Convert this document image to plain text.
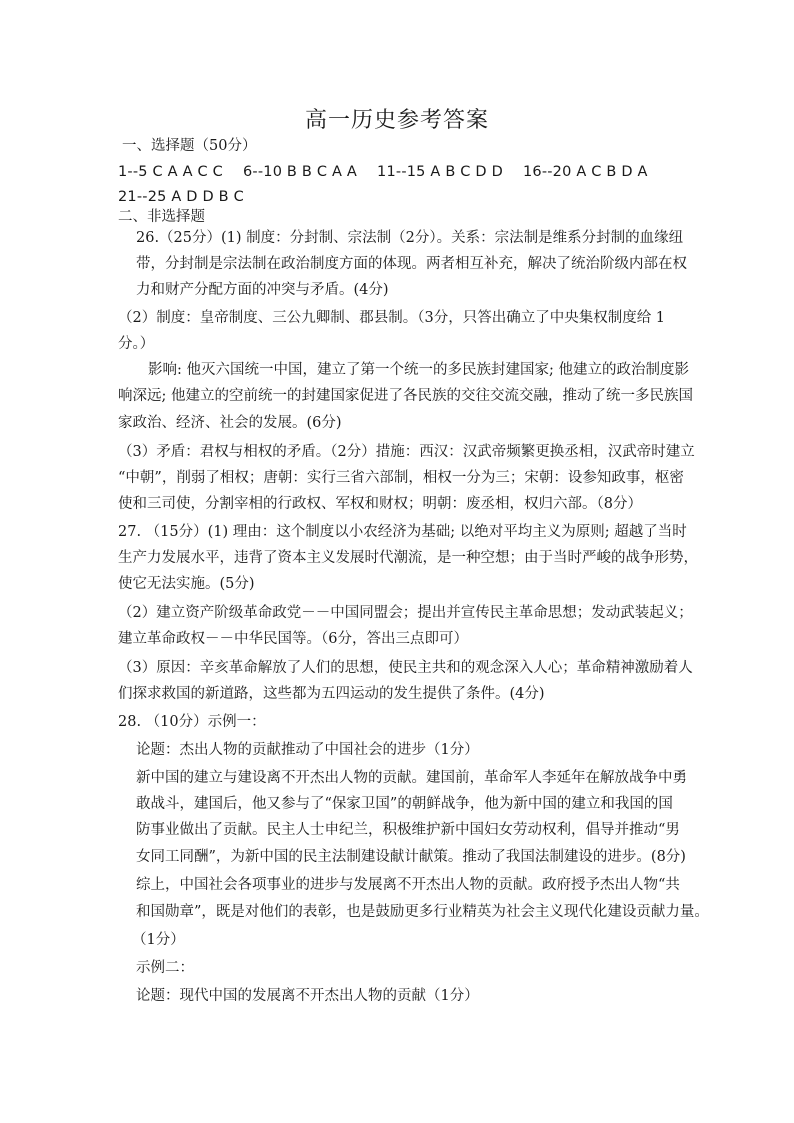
高一历史参考答案
一、选择题（50分）
1--5 C A A C C 6--10 B B C A A 11--15 A B C D D 16--20 A C B D A
21--25 A D D B C
二、非选择题
26.（25分）(1) 制度：分封制、宗法制（2分）。关系：宗法制是维系分封制的血缘纽
带，分封制是宗法制在政治制度方面的体现。两者相互补充，解决了统治阶级内部在权
力和财产分配方面的冲突与矛盾。(4分)
（2）制度：皇帝制度、三公九卿制、郡县制。（3分，只答出确立了中央集权制度给 1
分。）
影响: 他灭六国统一中国，建立了第一个统一的多民族封建国家; 他建立的政治制度影
响深远; 他建立的空前统一的封建国家促进了各民族的交往交流交融，推动了统一多民族国
家政治、经济、社会的发展。(6分)
（3）矛盾：君权与相权的矛盾。（2分）措施：西汉：汉武帝频繁更换丞相，汉武帝时建立
“中朝”，削弱了相权；唐朝：实行三省六部制，相权一分为三；宋朝：设参知政事，枢密
使和三司使，分割宰相的行政权、军权和财权；明朝：废丞相，权归六部。（8分）
27. （15分）(1) 理由：这个制度以小农经济为基础; 以绝对平均主义为原则; 超越了当时
生产力发展水平，违背了资本主义发展时代潮流，是一种空想；由于当时严峻的战争形势，
使它无法实施。(5分)
（2）建立资产阶级革命政党－－中国同盟会；提出并宣传民主革命思想；发动武装起义；
建立革命政权－－中华民国等。（6分，答出三点即可）
（3）原因：辛亥革命解放了人们的思想，使民主共和的观念深入人心；革命精神激励着人
们探求救国的新道路，这些都为五四运动的发生提供了条件。(4分)
28. （10分）示例一：
论题：杰出人物的贡献推动了中国社会的进步（1分）
新中国的建立与建设离不开杰出人物的贡献。建国前，革命军人李延年在解放战争中勇
敢战斗，建国后，他又参与了“保家卫国”的朝鲜战争，他为新中国的建立和我国的国
防事业做出了贡献。民主人士申纪兰，积极维护新中国妇女劳动权利，倡导并推动“男
女同工同酬”，为新中国的民主法制建设献计献策。推动了我国法制建设的进步。(8分)
综上，中国社会各项事业的进步与发展离不开杰出人物的贡献。政府授予杰出人物“共
和国勋章”，既是对他们的表彰，也是鼓励更多行业精英为社会主义现代化建设贡献力量。
（1分）
示例二：
论题：现代中国的发展离不开杰出人物的贡献（1分）
